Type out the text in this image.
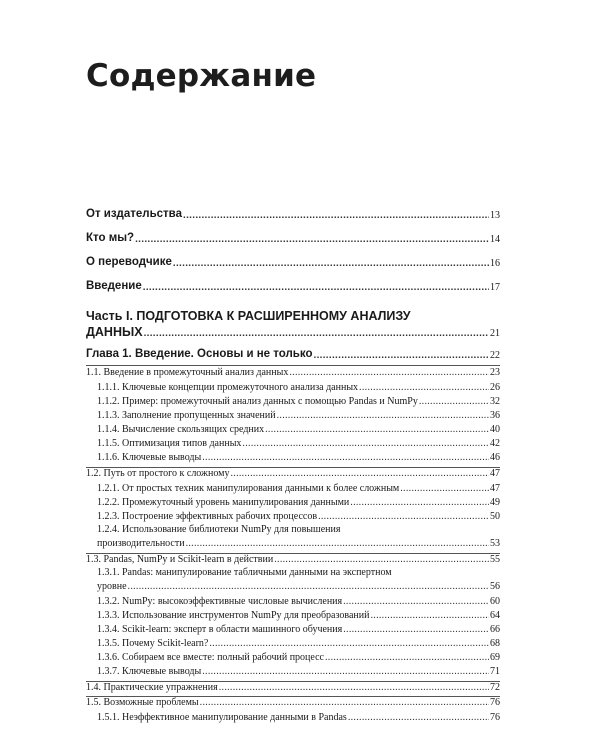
Содержание
От издательства .....	13
Кто мы? .....	14
О переводчике .....	16
Введение .....	17
Часть I. ПОДГОТОВКА К РАСШИРЕННОМУ АНАЛИЗУ
ДАННЫХ .....	21
Глава 1. Введение. Основы и не только .....	22
1.1. Введение в промежуточный анализ данных .....	23
1.1.1. Ключевые концепции промежуточного анализа данных .....	26
1.1.2. Пример: промежуточный анализ данных с помощью Pandas и NumPy .....	32
1.1.3. Заполнение пропущенных значений .....	36
1.1.4. Вычисление скользящих средних .....	40
1.1.5. Оптимизация типов данных .....	42
1.1.6. Ключевые выводы .....	46
1.2. Путь от простого к сложному .....	47
1.2.1. От простых техник манипулирования данными к более сложным .....	47
1.2.2. Промежуточный уровень манипулирования данными .....	49
1.2.3. Построение эффективных рабочих процессов .....	50
1.2.4. Использование библиотеки NumPy для повышения
производительности .....	53
1.3. Pandas, NumPy и Scikit-learn в действии .....	55
1.3.1. Pandas: манипулирование табличными данными на экспертном
уровне .....	56
1.3.2. NumPy: высокоэффективные числовые вычисления .....	60
1.3.3. Использование инструментов NumPy для преобразований .....	64
1.3.4. Scikit-learn: эксперт в области машинного обучения .....	66
1.3.5. Почему Scikit-learn? .....	68
1.3.6. Собираем все вместе: полный рабочий процесс .....	69
1.3.7. Ключевые выводы .....	71
1.4. Практические упражнения .....	72
1.5. Возможные проблемы .....	76
1.5.1. Неэффективное манипулирование данными в Pandas .....	76
